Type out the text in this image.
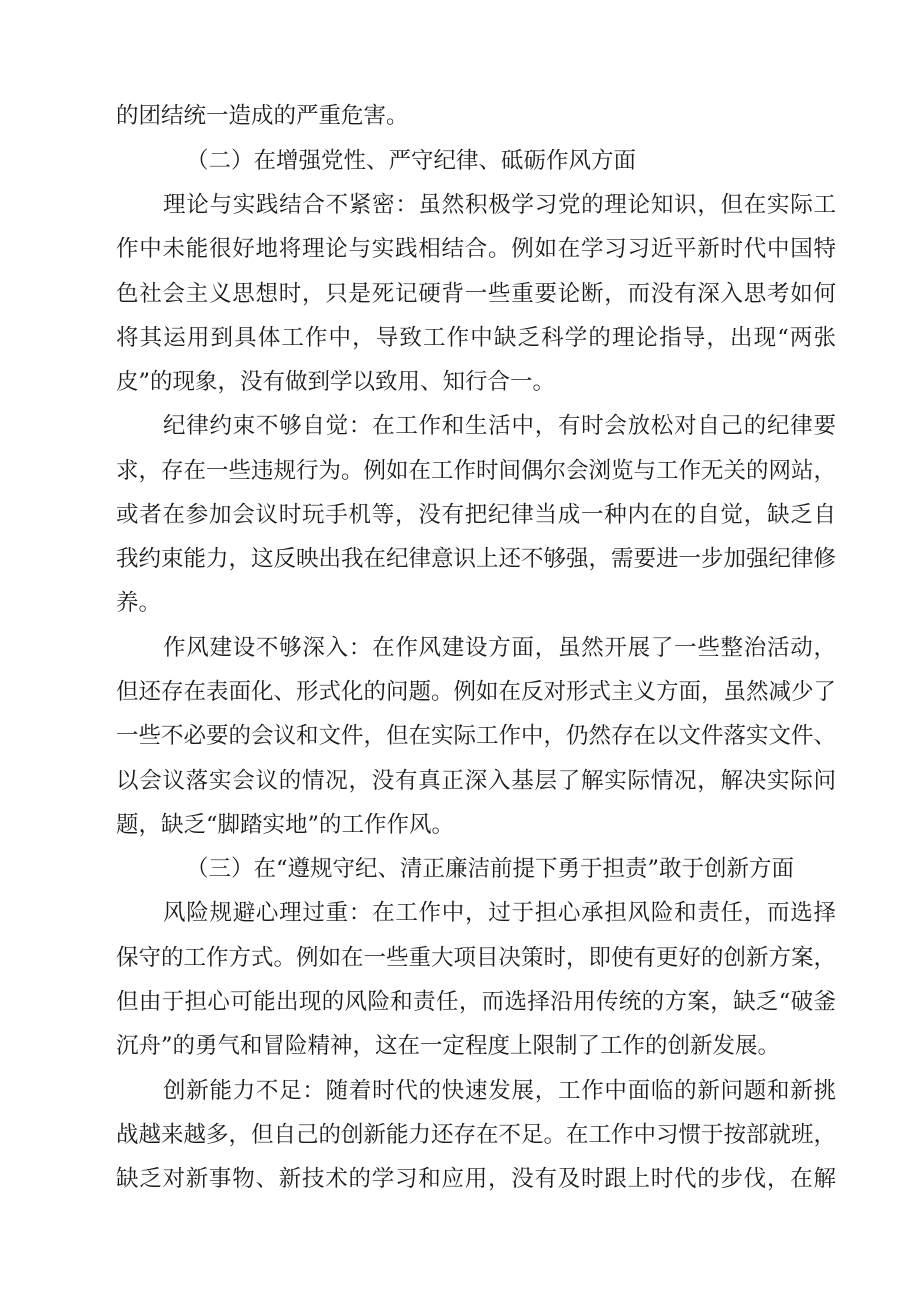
的团结统一造成的严重危害。
（二）在增强党性、严守纪律、砥砺作风方面
理论与实践结合不紧密：虽然积极学习党的理论知识，但在实际工
作中未能很好地将理论与实践相结合。例如在学习习近平新时代中国特
色社会主义思想时，只是死记硬背一些重要论断，而没有深入思考如何
将其运用到具体工作中，导致工作中缺乏科学的理论指导，出现“两张
皮”的现象，没有做到学以致用、知行合一。
纪律约束不够自觉：在工作和生活中，有时会放松对自己的纪律要
求，存在一些违规行为。例如在工作时间偶尔会浏览与工作无关的网站，
或者在参加会议时玩手机等，没有把纪律当成一种内在的自觉，缺乏自
我约束能力，这反映出我在纪律意识上还不够强，需要进一步加强纪律修
养。
作风建设不够深入：在作风建设方面，虽然开展了一些整治活动，
但还存在表面化、形式化的问题。例如在反对形式主义方面，虽然减少了
一些不必要的会议和文件，但在实际工作中，仍然存在以文件落实文件、
以会议落实会议的情况，没有真正深入基层了解实际情况，解决实际问
题，缺乏“脚踏实地”的工作作风。
（三）在“遵规守纪、清正廉洁前提下勇于担责”敢于创新方面
风险规避心理过重：在工作中，过于担心承担风险和责任，而选择
保守的工作方式。例如在一些重大项目决策时，即使有更好的创新方案，
但由于担心可能出现的风险和责任，而选择沿用传统的方案，缺乏“破釜
沉舟”的勇气和冒险精神，这在一定程度上限制了工作的创新发展。
创新能力不足：随着时代的快速发展，工作中面临的新问题和新挑
战越来越多，但自己的创新能力还存在不足。在工作中习惯于按部就班，
缺乏对新事物、新技术的学习和应用，没有及时跟上时代的步伐，在解
